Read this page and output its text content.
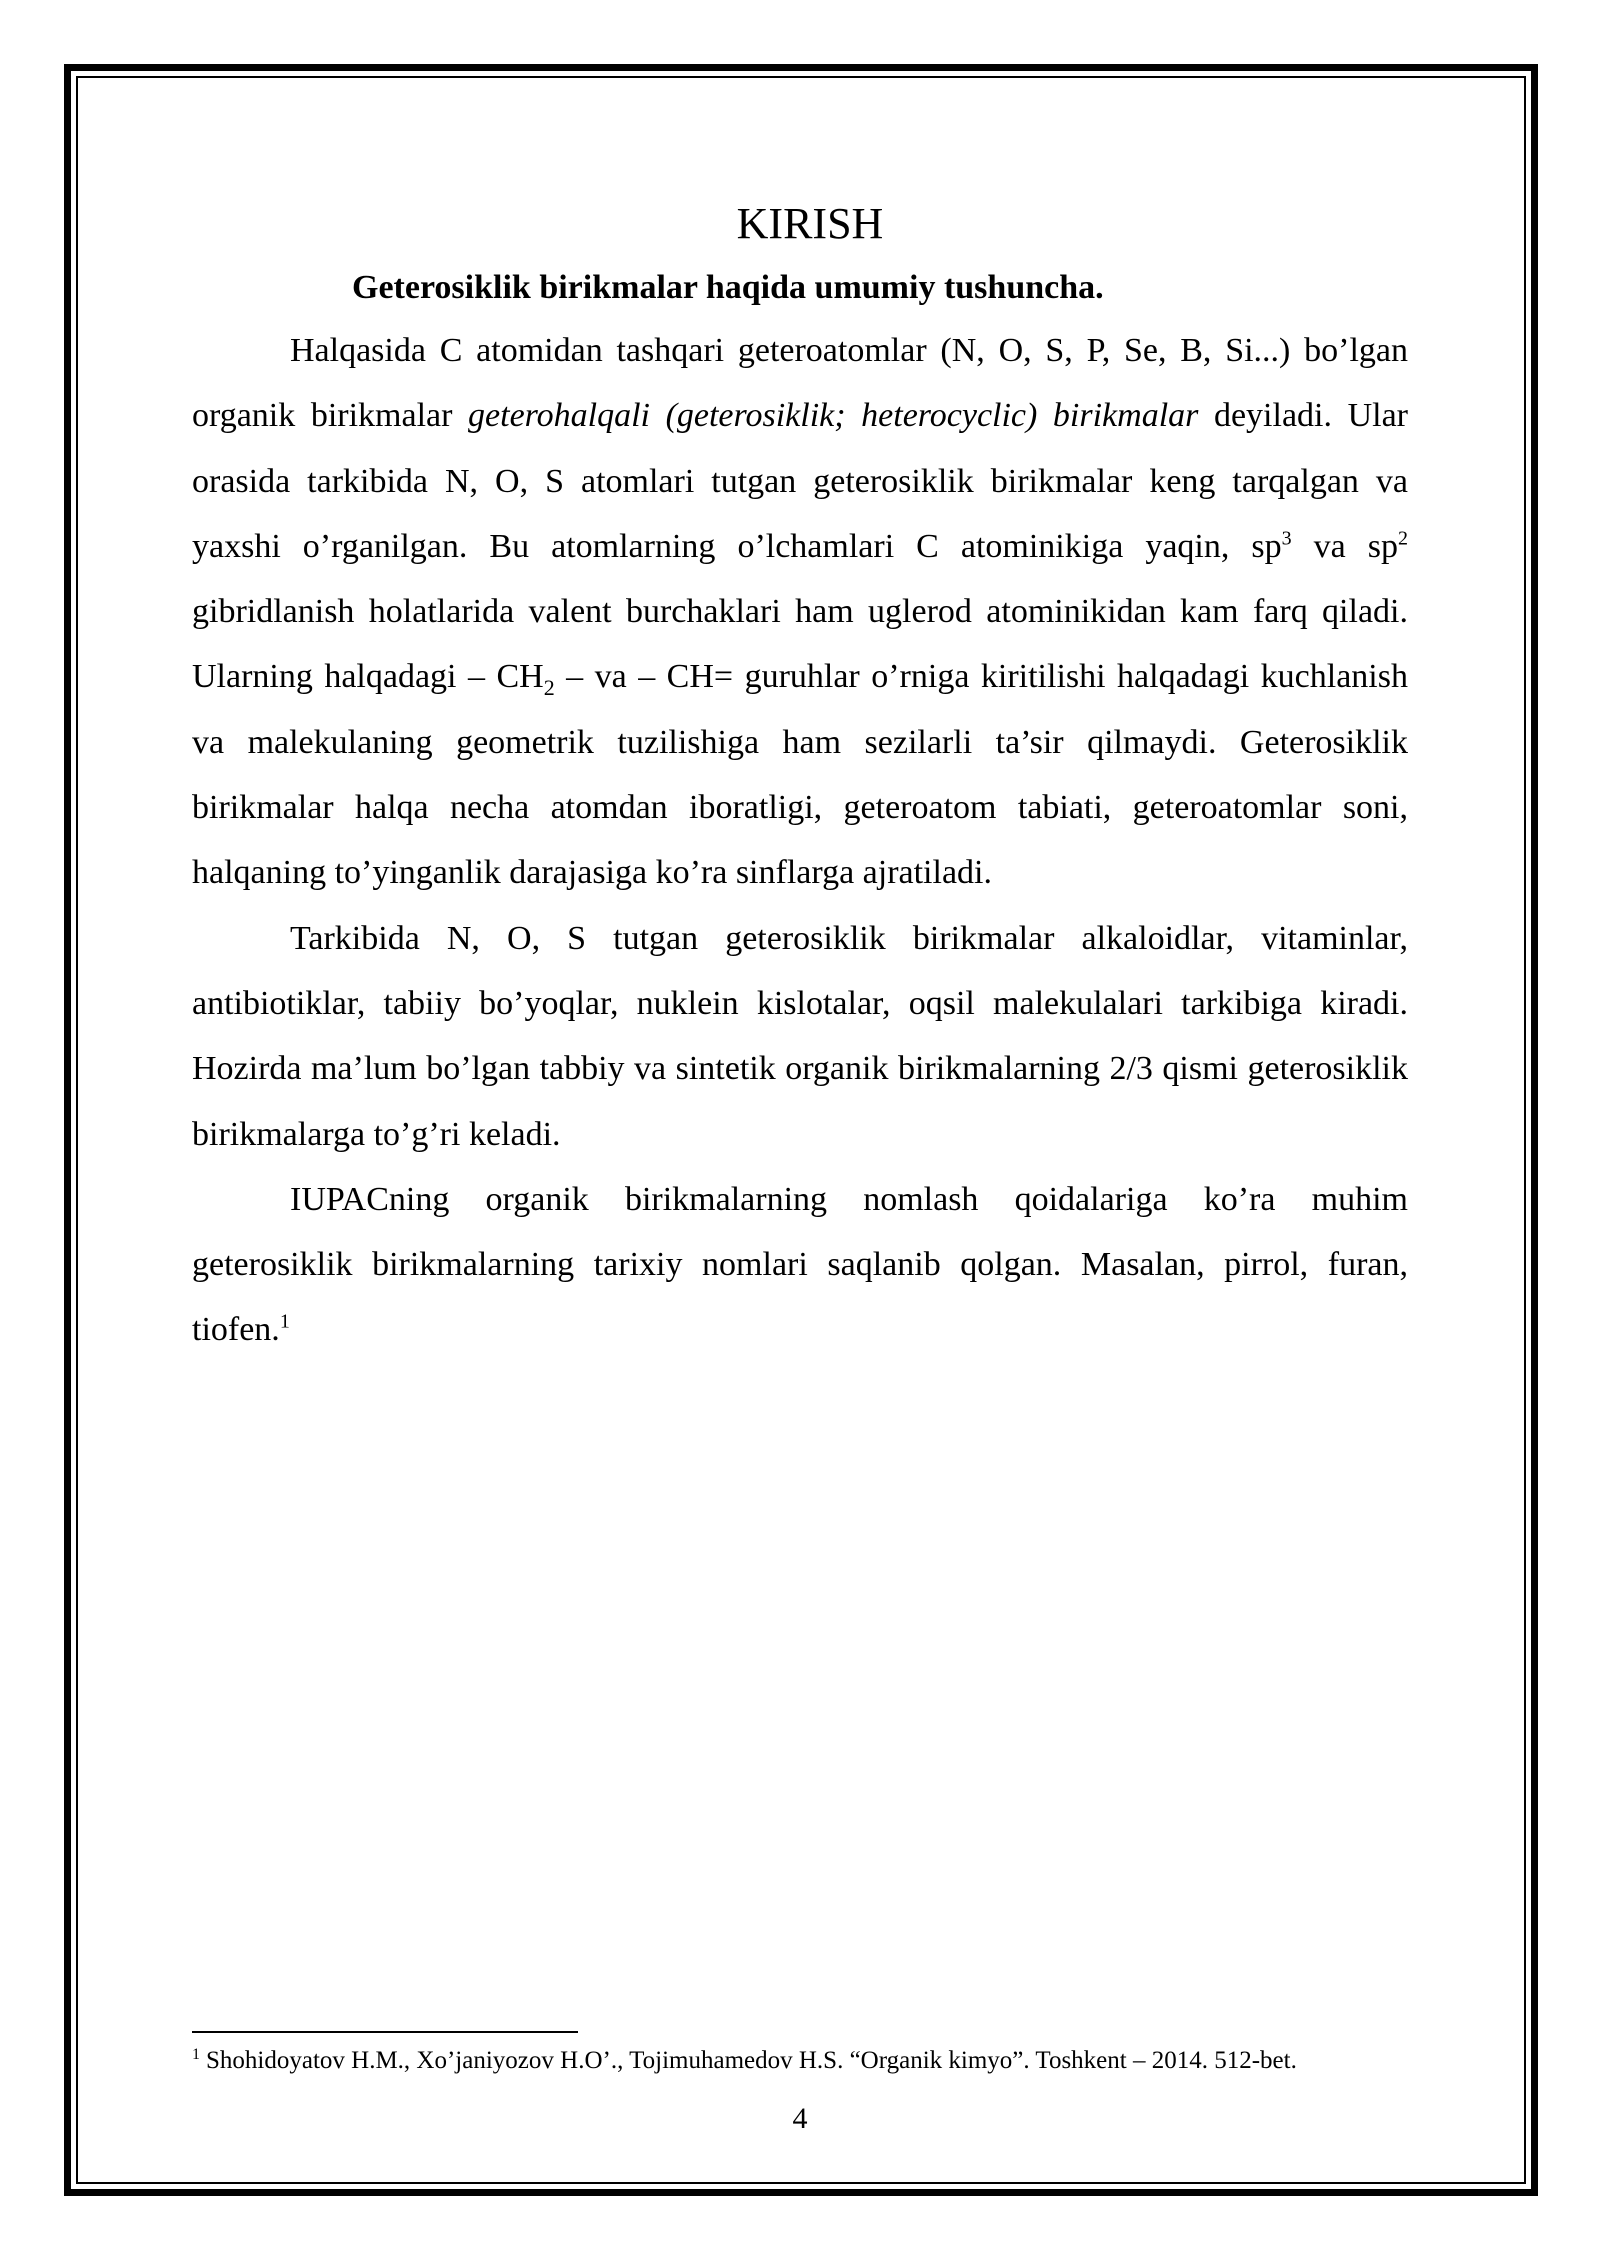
KIRISH

Geterosiklik birikmalar haqida umumiy tushuncha.

Halqasida C atomidan tashqari geteroatomlar (N, O, S, P, Se, B, Si...) bo’lgan organik birikmalar geterohalqali (geterosiklik; heterocyclic) birikmalar deyiladi. Ular orasida tarkibida N, O, S atomlari tutgan geterosiklik birikmalar keng tarqalgan va yaxshi o’rganilgan. Bu atomlarning o’lchamlari C atominikiga yaqin, $sp^3$ va $sp^2$ gibridlanish holatlarida valent burchaklari ham uglerod atominikidan kam farq qiladi. Ularning halqadagi – $CH_2$ – va – CH= guruhlar o’rniga kiritilishi halqadagi kuchlanish va malekulaning geometrik tuzilishiga ham sezilarli ta’sir qilmaydi. Geterosiklik birikmalar halqa necha atomdan iboratligi, geteroatom tabiati, geteroatomlar soni, halqaning to’yinganlik darajasiga ko’ra sinflarga ajratiladi.

Tarkibida N, O, S tutgan geterosiklik birikmalar alkaloidlar, vitaminlar, antibiotiklar, tabiiy bo’yoqlar, nuklein kislotalar, oqsil malekulalari tarkibiga kiradi. Hozirda ma’lum bo’lgan tabbiy va sintetik organik birikmalarning 2/3 qismi geterosiklik birikmalarga to’g’ri keladi.

IUPACning organik birikmalarning nomlash qoidalariga ko’ra muhim geterosiklik birikmalarning tarixiy nomlari saqlanib qolgan. Masalan, pirrol, furan, tiofen.$^1$

$^1$ Shohidoyatov H.M., Xo’janiyozov H.O’., Tojimuhamedov H.S. “Organik kimyo”. Toshkent – 2014. 512-bet.
4
